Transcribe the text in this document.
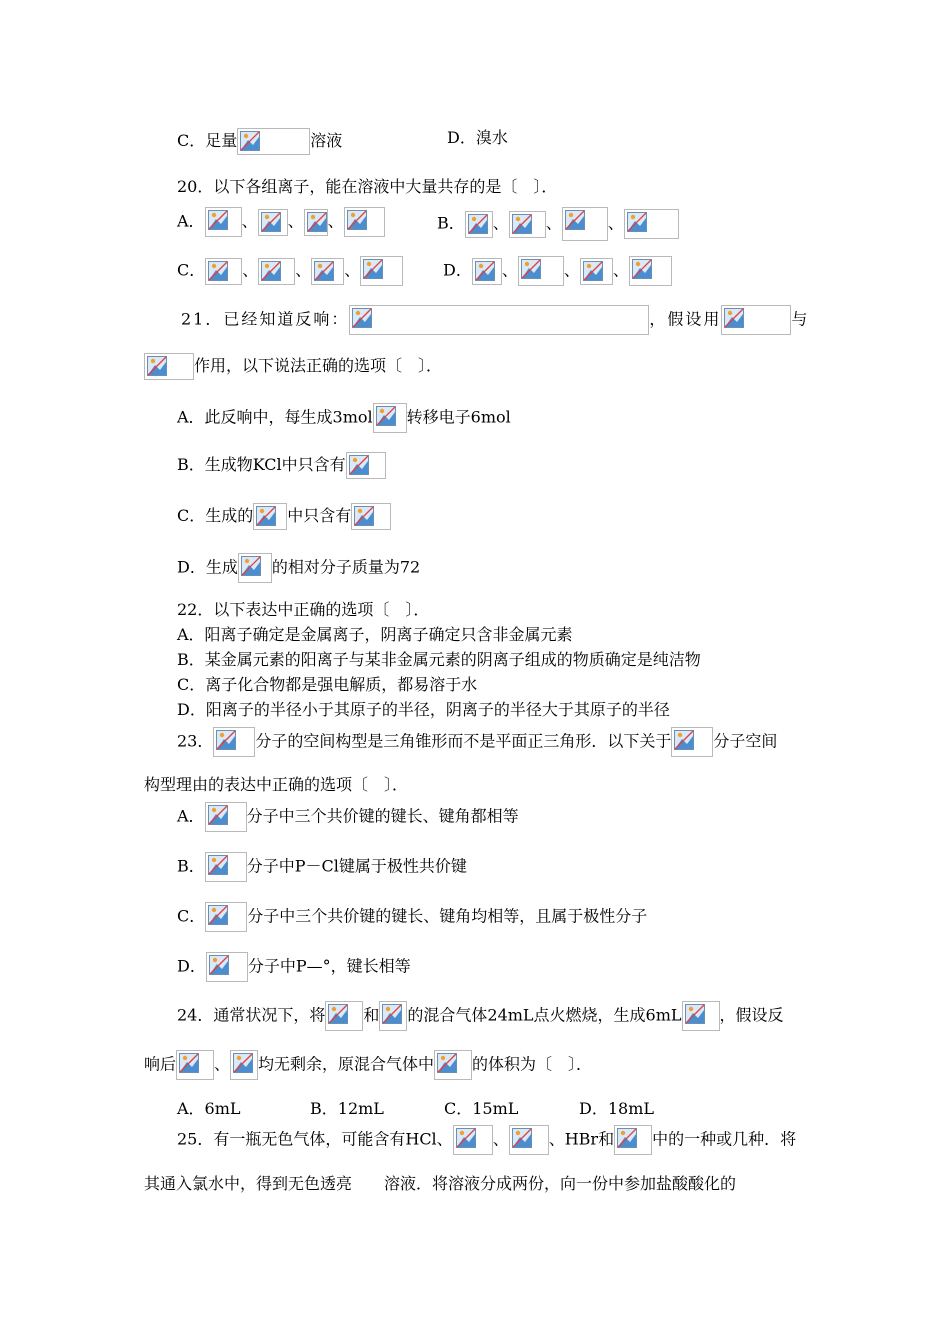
C．足量	溶液	D．溴水
20．以下各组离子，能在溶液中大量共存的是〔　〕．
A． 、 、 、	B． 、 、	、
C． 、 、 、	D． 、	、 、
21．已经知道反响：	，假设用	与
作用，以下说法正确的选项〔　〕．
A．此反响中，每生成3mol 转移电子6mol
B．生成物KCl中只含有
C．生成的 中只含有
D．生成 的相对分子质量为72
22．以下表达中正确的选项〔　〕．
A．阳离子确定是金属离子，阴离子确定只含非金属元素
B．某金属元素的阳离子与某非金属元素的阴离子组成的物质确定是纯洁物
C．离子化合物都是强电解质，都易溶于水
D．阳离子的半径小于其原子的半径，阴离子的半径大于其原子的半径
23．	分子的空间构型是三角锥形而不是平面正三角形．以下关于	分子空间
构型理由的表达中正确的选项〔　〕．
A．	分子中三个共价键的键长、键角都相等
B．	分子中P－Cl键属于极性共价键
C．	分子中三个共价键的键长、键角均相等，且属于极性分子
D．	分子中P—°，键长相等
24．通常状况下，将 和 的混合气体24mL点火燃烧，生成6mL ，假设反
响后 、 均无剩余，原混合气体中 的体积为〔　〕．
A．6mL	B．12mL	C．15mL	D．18mL
25．有一瓶无色气体，可能含有HCl、	、	、HBr和 中的一种或几种．将
其通入氯水中，得到无色透亮　　溶液．将溶液分成两份，向一份中参加盐酸酸化的
